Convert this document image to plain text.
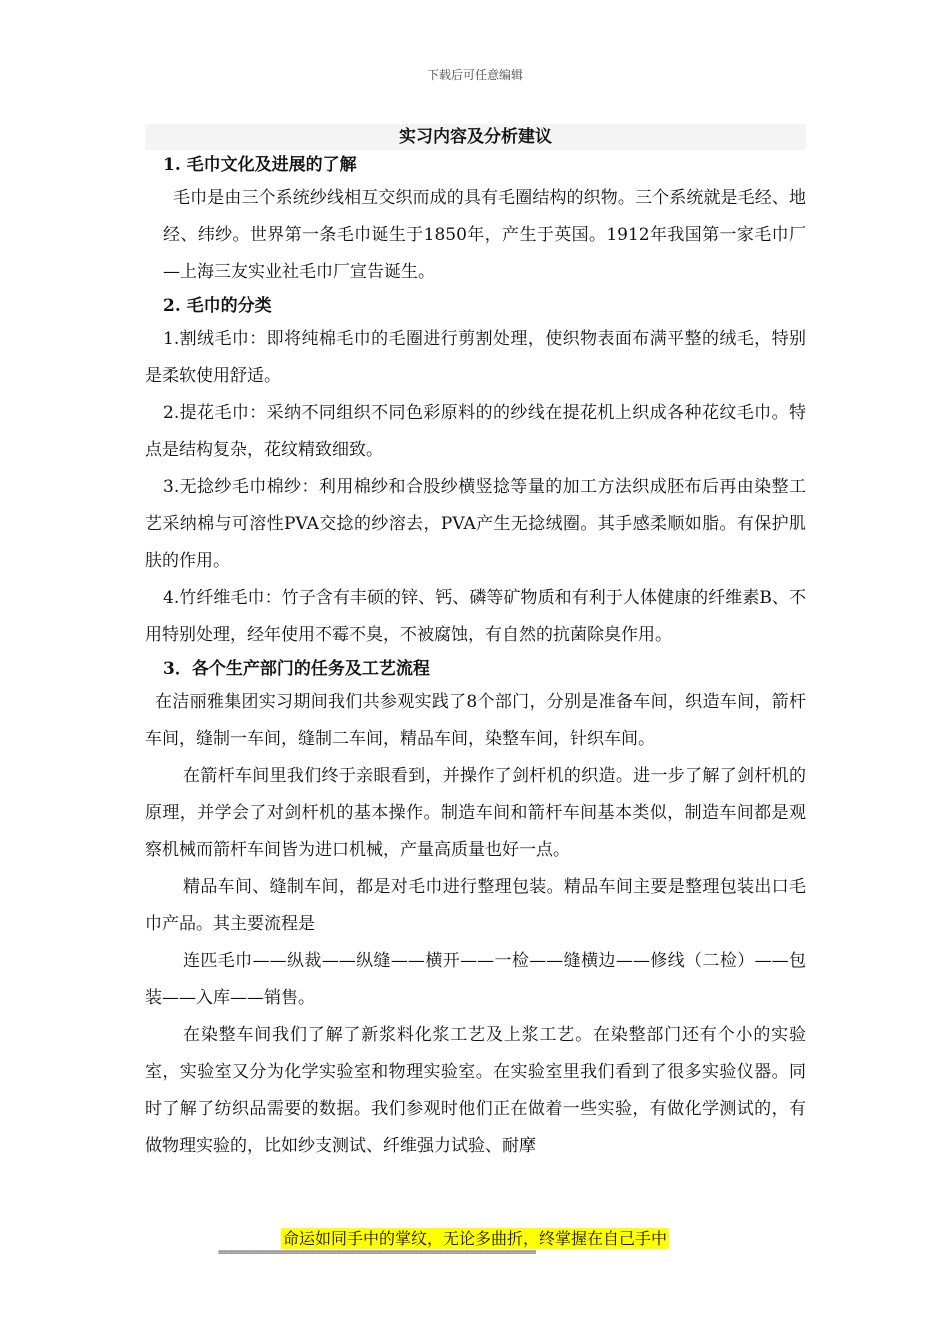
下载后可任意编辑
实习内容及分析建议
1. 毛巾文化及进展的了解

毛巾是由三个系统纱线相互交织而成的具有毛圈结构的织物。三个系统就是毛经、地经、纬纱。世界第一条毛巾诞生于1850年，产生于英国。1912年我国第一家毛巾厂—上海三友实业社毛巾厂宣告诞生。

2. 毛巾的分类

1.割绒毛巾：即将纯棉毛巾的毛圈进行剪割处理，使织物表面布满平整的绒毛，特别是柔软使用舒适。

2.提花毛巾：采纳不同组织不同色彩原料的的纱线在提花机上织成各种花纹毛巾。特点是结构复杂，花纹精致细致。

3.无捻纱毛巾棉纱：利用棉纱和合股纱横竖捻等量的加工方法织成胚布后再由染整工艺采纳棉与可溶性PVA交捻的纱溶去，PVA产生无捻绒圈。其手感柔顺如脂。有保护肌肤的作用。

4.竹纤维毛巾：竹子含有丰硕的锌、钙、磷等矿物质和有利于人体健康的纤维素B、不用特别处理，经年使用不霉不臭，不被腐蚀，有自然的抗菌除臭作用。

3．各个生产部门的任务及工艺流程

在洁丽雅集团实习期间我们共参观实践了8个部门，分别是准备车间，织造车间，箭杆车间，缝制一车间，缝制二车间，精品车间，染整车间，针织车间。

在箭杆车间里我们终于亲眼看到，并操作了剑杆机的织造。进一步了解了剑杆机的原理，并学会了对剑杆机的基本操作。制造车间和箭杆车间基本类似，制造车间都是观察机械而箭杆车间皆为进口机械，产量高质量也好一点。

精品车间、缝制车间，都是对毛巾进行整理包装。精品车间主要是整理包装出口毛巾产品。其主要流程是

连匹毛巾——纵裁——纵缝——横开——一检——缝横边——修线（二检）——包装——入库——销售。

在染整车间我们了解了新浆料化浆工艺及上浆工艺。在染整部门还有个小的实验室，实验室又分为化学实验室和物理实验室。在实验室里我们看到了很多实验仪器。同时了解了纺织品需要的数据。我们参观时他们正在做着一些实验，有做化学测试的，有做物理实验的，比如纱支测试、纤维强力试验、耐摩

命运如同手中的掌纹，无论多曲折，终掌握在自己手中
==============================================================
